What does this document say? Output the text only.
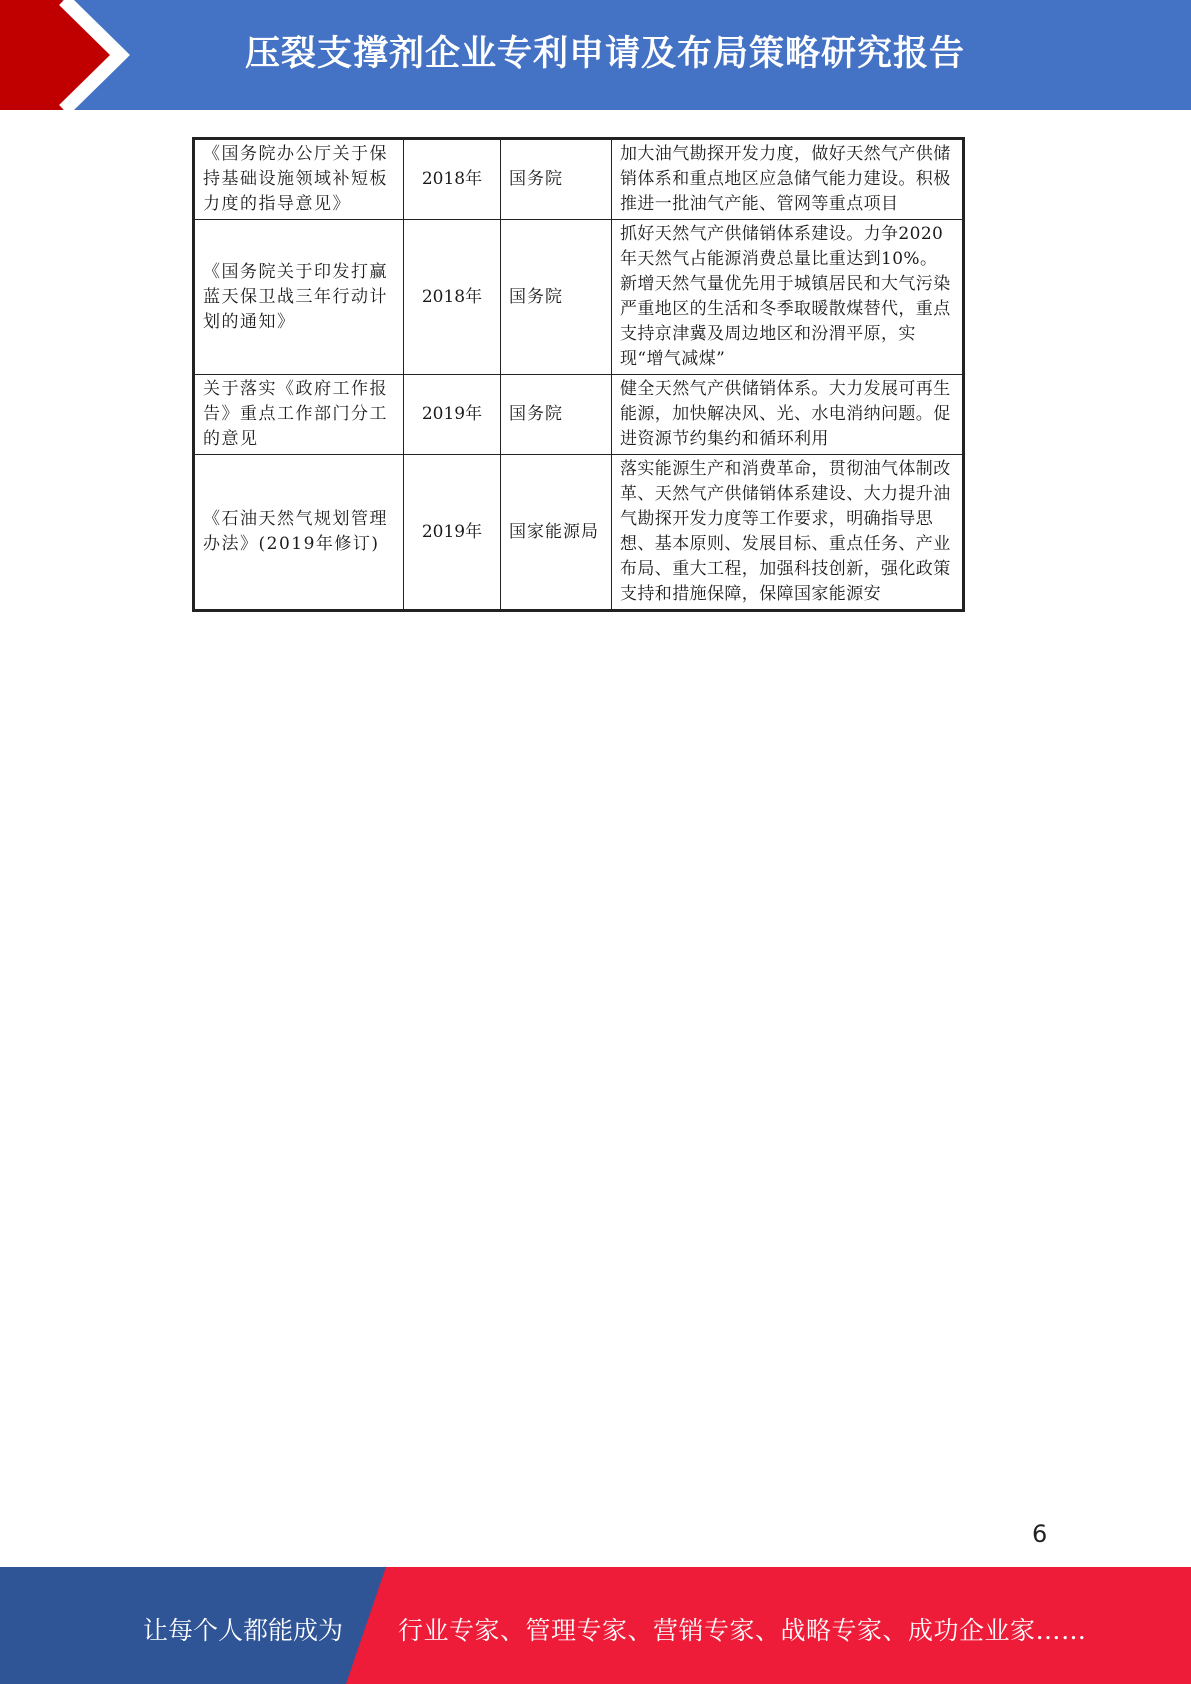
压裂支撑剂企业专利申请及布局策略研究报告
《国务院办公厅关于保持基础设施领域补短板力度的指导意见》	2018年	国务院	加大油气勘探开发力度，做好天然气产供储销体系和重点地区应急储气能力建设。积极推进一批油气产能、管网等重点项目
《国务院关于印发打赢蓝天保卫战三年行动计划的通知》	2018年	国务院	抓好天然气产供储销体系建设。力争2020年天然气占能源消费总量比重达到10%。新增天然气量优先用于城镇居民和大气污染严重地区的生活和冬季取暖散煤替代，重点支持京津冀及周边地区和汾渭平原，实现“增气减煤”
关于落实《政府工作报告》重点工作部门分工的意见	2019年	国务院	健全天然气产供储销体系。大力发展可再生能源，加快解决风、光、水电消纳问题。促进资源节约集约和循环利用
《石油天然气规划管理办法》(2019年修订)	2019年	国家能源局	落实能源生产和消费革命，贯彻油气体制改革、天然气产供储销体系建设、大力提升油气勘探开发力度等工作要求，明确指导思想、基本原则、发展目标、重点任务、产业布局、重大工程，加强科技创新，强化政策支持和措施保障，保障国家能源安
6
让每个人都能成为 行业专家、管理专家、营销专家、战略专家、成功企业家……
